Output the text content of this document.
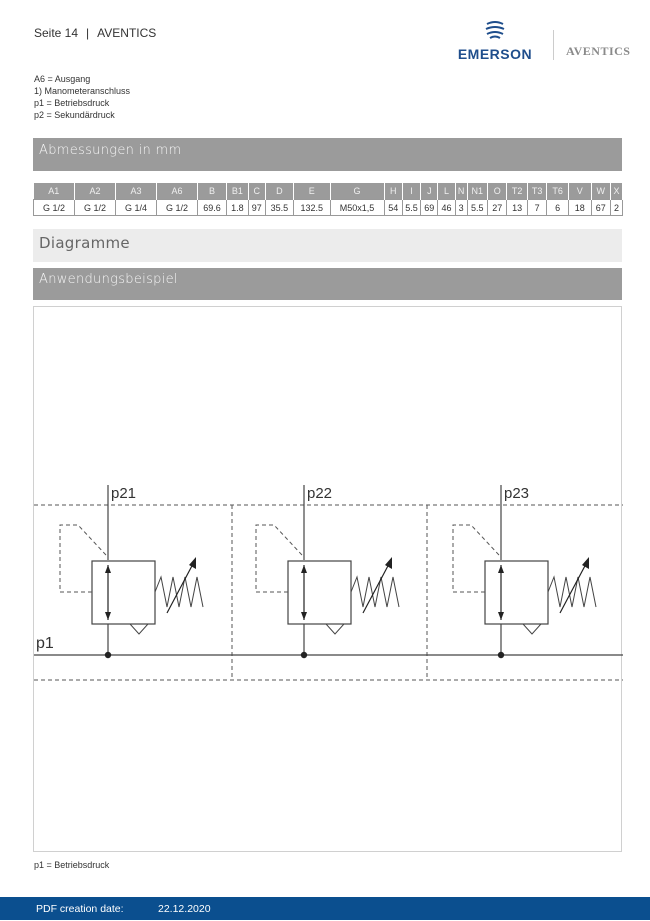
Seite 14 | AVENTICS
EMERSON	AVENTICS
A6 = Ausgang
1) Manometeranschluss
p1 = Betriebsdruck
p2 = Sekundärdruck
Abmessungen in mm
A1	A2	A3	A6	B	B1	C	D	E	G	H	I	J	L	N	N1	O	T2	T3	T6	V	W	X
G 1/2	G 1/2	G 1/4	G 1/2	69.6	1.8	97	35.5	132.5	M50x1,5	54	5.5	69	46	3	5.5	27	13	7	6	18	67	2
Diagramme
Anwendungsbeispiel
p1
p21	p22	p23
p1 = Betriebsdruck
PDF creation date:	22.12.2020
